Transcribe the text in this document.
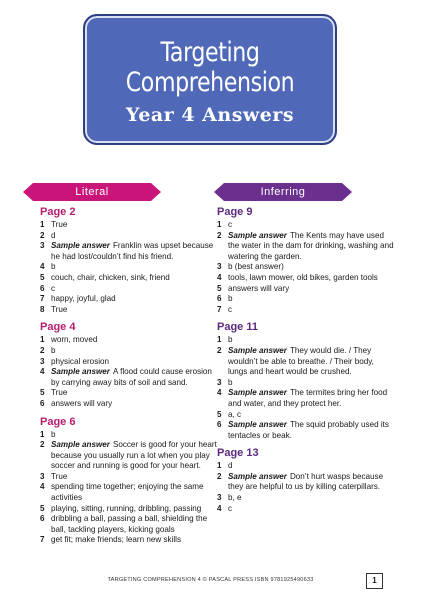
Targeting
Comprehension
Year 4 Answers
Literal	Inferring
Page 2
1 True
2 d
3 Sample answer Franklin was upset because he had lost/couldn’t find his friend.
4 b
5 couch, chair, chicken, sink, friend
6 c
7 happy, joyful, glad
8 True
Page 4
1 worn, moved
2 b
3 physical erosion
4 Sample answer A flood could cause erosion by carrying away bits of soil and sand.
5 True
6 answers will vary
Page 6
1 b
2 Sample answer Soccer is good for your heart because you usually run a lot when you play soccer and running is good for your heart.
3 True
4 spending time together; enjoying the same activities
5 playing, sitting, running, dribbling, passing
6 dribbling a ball, passing a ball, shielding the ball, tackling players, kicking goals
7 get fit; make friends; learn new skills
Page 9
1 c
2 Sample answer The Kents may have used the water in the dam for drinking, washing and watering the garden.
3 b (best answer)
4 tools, lawn mower, old bikes, garden tools
5 answers will vary
6 b
7 c
Page 11
1 b
2 Sample answer They would die. / They wouldn’t be able to breathe. / Their body, lungs and heart would be crushed.
3 b
4 Sample answer The termites bring her food and water, and they protect her.
5 a, c
6 Sample answer The squid probably used its tentacles or beak.
Page 13
1 d
2 Sample answer Don’t hurt wasps because they are helpful to us by killing caterpillars.
3 b, e
4 c
TARGETING COMPREHENSION 4 © PASCAL PRESS ISBN 9781925490633	1
